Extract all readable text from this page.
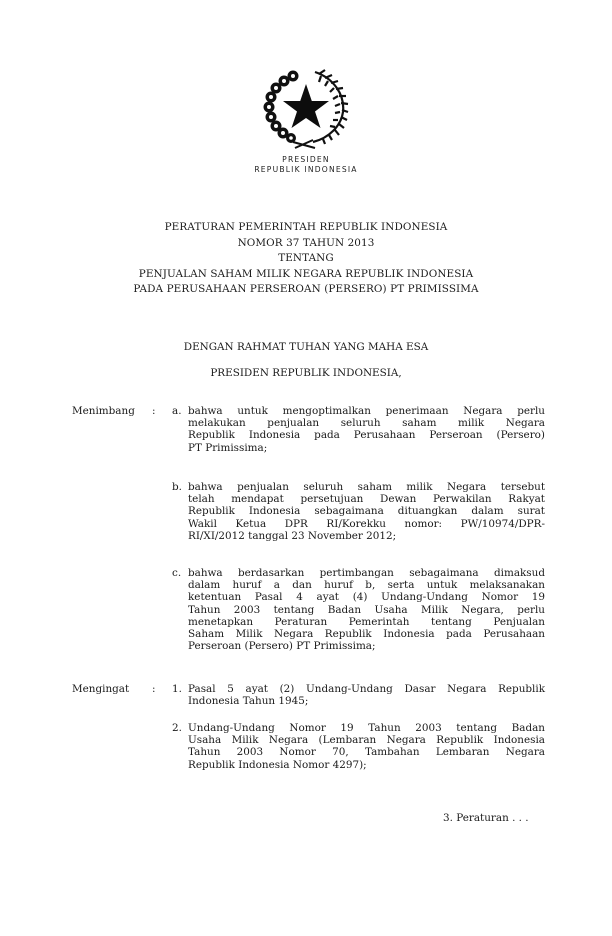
PRESIDEN
REPUBLIK INDONESIA
PERATURAN PEMERINTAH REPUBLIK INDONESIA
NOMOR 37 TAHUN 2013
TENTANG
PENJUALAN SAHAM MILIK NEGARA REPUBLIK INDONESIA
PADA PERUSAHAAN PERSEROAN (PERSERO) PT PRIMISSIMA
DENGAN RAHMAT TUHAN YANG MAHA ESA
PRESIDEN REPUBLIK INDONESIA,
Menimbang : a. bahwa untuk mengoptimalkan penerimaan Negara perlu
melakukan penjualan seluruh saham milik Negara
Republik Indonesia pada Perusahaan Perseroan (Persero)
PT Primissima;
b. bahwa penjualan seluruh saham milik Negara tersebut
telah mendapat persetujuan Dewan Perwakilan Rakyat
Republik Indonesia sebagaimana dituangkan dalam surat
Wakil Ketua DPR RI/Korekku nomor: PW/10974/DPR-
RI/XI/2012 tanggal 23 November 2012;
c. bahwa berdasarkan pertimbangan sebagaimana dimaksud
dalam huruf a dan huruf b, serta untuk melaksanakan
ketentuan Pasal 4 ayat (4) Undang-Undang Nomor 19
Tahun 2003 tentang Badan Usaha Milik Negara, perlu
menetapkan Peraturan Pemerintah tentang Penjualan
Saham Milik Negara Republik Indonesia pada Perusahaan
Perseroan (Persero) PT Primissima;
Mengingat : 1. Pasal 5 ayat (2) Undang-Undang Dasar Negara Republik
Indonesia Tahun 1945;
2. Undang-Undang Nomor 19 Tahun 2003 tentang Badan
Usaha Milik Negara (Lembaran Negara Republik Indonesia
Tahun 2003 Nomor 70, Tambahan Lembaran Negara
Republik Indonesia Nomor 4297);
3. Peraturan . . .
